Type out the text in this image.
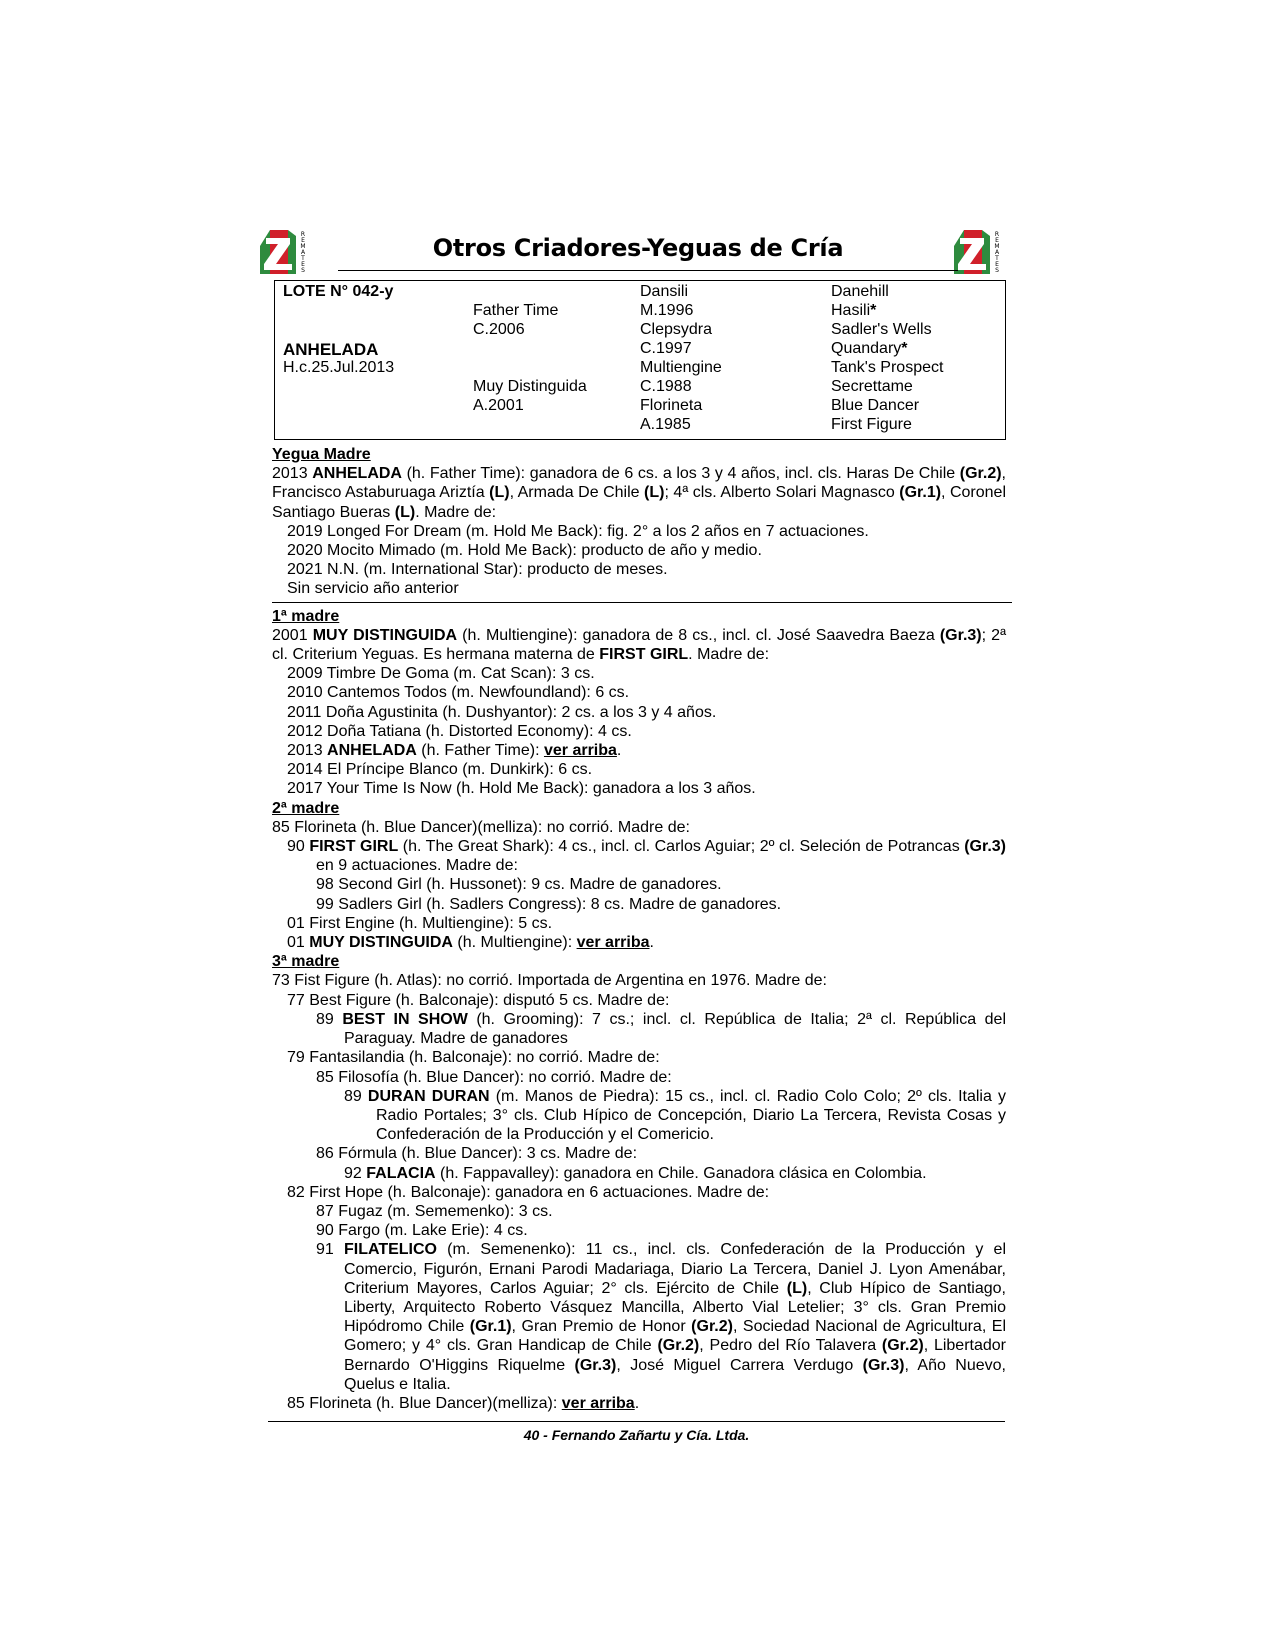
R
E
M
A
T
E
S
R
E
M
A
T
E
S
Otros Criadores-Yeguas de Cría
LOTE N° 042-y
ANHELADA
H.c.25.Jul.2013
Father Time
C.2006
Muy Distinguida
A.2001
Dansili
M.1996
Clepsydra
C.1997
Multiengine
C.1988
Florineta
A.1985
Danehill
Hasili*
Sadler's Wells
Quandary*
Tank's Prospect
Secrettame
Blue Dancer
First Figure
Yegua Madre
2013 ANHELADA (h. Father Time): ganadora de 6 cs. a los 3 y 4 años, incl. cls. Haras De Chile (Gr.2), Francisco Astaburuaga Ariztía (L), Armada De Chile (L); 4ª cls. Alberto Solari Magnasco (Gr.1), Coronel Santiago Bueras (L). Madre de:
2019 Longed For Dream (m. Hold Me Back): fig. 2° a los 2 años en 7 actuaciones.
2020 Mocito Mimado (m. Hold Me Back): producto de año y medio.
2021 N.N. (m. International Star): producto de meses.
Sin servicio año anterior
1ª madre
2001 MUY DISTINGUIDA (h. Multiengine): ganadora de 8 cs., incl. cl. José Saavedra Baeza (Gr.3); 2ª cl. Criterium Yeguas. Es hermana materna de FIRST GIRL. Madre de:
2009 Timbre De Goma (m. Cat Scan): 3 cs.
2010 Cantemos Todos (m. Newfoundland): 6 cs.
2011 Doña Agustinita (h. Dushyantor): 2 cs. a los 3 y 4 años.
2012 Doña Tatiana (h. Distorted Economy): 4 cs.
2013 ANHELADA (h. Father Time): ver arriba.
2014 El Príncipe Blanco (m. Dunkirk): 6 cs.
2017 Your Time Is Now (h. Hold Me Back): ganadora a los 3 años.
2ª madre
85 Florineta (h. Blue Dancer)(melliza): no corrió. Madre de:
90 FIRST GIRL (h. The Great Shark): 4 cs., incl. cl. Carlos Aguiar; 2º cl. Seleción de Potrancas (Gr.3) en 9 actuaciones. Madre de:
98 Second Girl (h. Hussonet): 9 cs. Madre de ganadores.
99 Sadlers Girl (h. Sadlers Congress): 8 cs. Madre de ganadores.
01 First Engine (h. Multiengine): 5 cs.
01 MUY DISTINGUIDA (h. Multiengine): ver arriba.
3ª madre
73 Fist Figure (h. Atlas): no corrió. Importada de Argentina en 1976. Madre de:
77 Best Figure (h. Balconaje): disputó 5 cs. Madre de:
89 BEST IN SHOW (h. Grooming): 7 cs.; incl. cl. República de Italia; 2ª cl. República del Paraguay. Madre de ganadores
79 Fantasilandia (h. Balconaje): no corrió. Madre de:
85 Filosofía (h. Blue Dancer): no corrió. Madre de:
89 DURAN DURAN (m. Manos de Piedra): 15 cs., incl. cl. Radio Colo Colo; 2º cls. Italia y Radio Portales; 3° cls. Club Hípico de Concepción, Diario La Tercera, Revista Cosas y Confederación de la Producción y el Comericio.
86 Fórmula (h. Blue Dancer): 3 cs. Madre de:
92 FALACIA (h. Fappavalley): ganadora en Chile. Ganadora clásica en Colombia.
82 First Hope (h. Balconaje): ganadora en 6 actuaciones. Madre de:
87 Fugaz (m. Sememenko): 3 cs.
90 Fargo (m. Lake Erie): 4 cs.
91 FILATELICO (m. Semenenko): 11 cs., incl. cls. Confederación de la Producción y el Comercio, Figurón, Ernani Parodi Madariaga, Diario La Tercera, Daniel J. Lyon Amenábar, Criterium Mayores, Carlos Aguiar; 2° cls. Ejército de Chile (L), Club Hípico de Santiago, Liberty, Arquitecto Roberto Vásquez Mancilla, Alberto Vial Letelier; 3° cls. Gran Premio Hipódromo Chile (Gr.1), Gran Premio de Honor (Gr.2), Sociedad Nacional de Agricultura, El Gomero; y 4° cls. Gran Handicap de Chile (Gr.2), Pedro del Río Talavera (Gr.2), Libertador Bernardo O'Higgins Riquelme (Gr.3), José Miguel Carrera Verdugo (Gr.3), Año Nuevo, Quelus e Italia.
85 Florineta (h. Blue Dancer)(melliza): ver arriba.
40 - Fernando Zañartu y Cía. Ltda.
